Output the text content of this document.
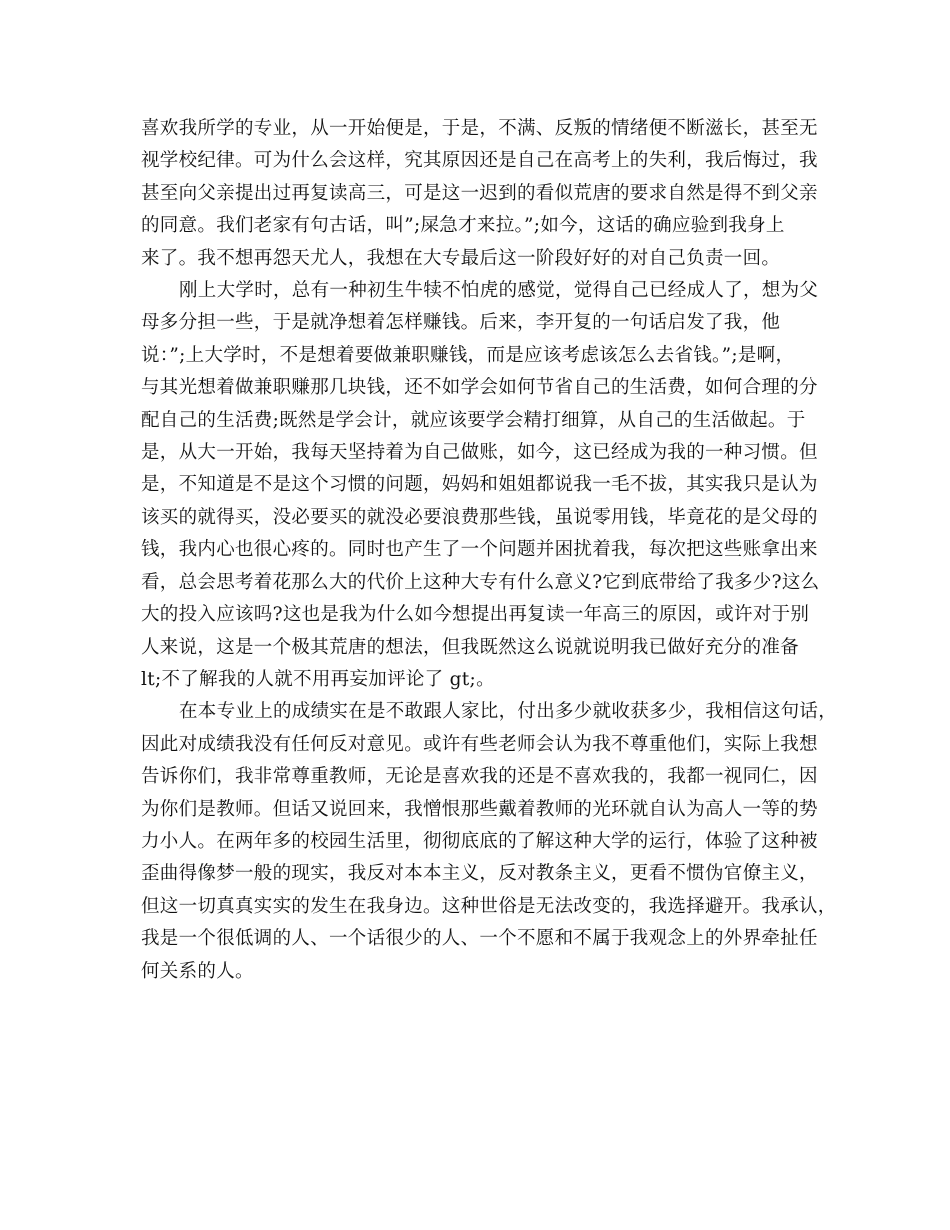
喜欢我所学的专业，从一开始便是，于是，不满、反叛的情绪便不断滋长，甚至无
视学校纪律。可为什么会这样，究其原因还是自己在高考上的失利，我后悔过，我
甚至向父亲提出过再复读高三，可是这一迟到的看似荒唐的要求自然是得不到父亲
的同意。我们老家有句古话，叫”;屎急才来拉。”;如今，这话的确应验到我身上
来了。我不想再怨天尤人，我想在大专最后这一阶段好好的对自己负责一回。
刚上大学时，总有一种初生牛犊不怕虎的感觉，觉得自己已经成人了，想为父
母多分担一些，于是就净想着怎样赚钱。后来，李开复的一句话启发了我，他
说：”;上大学时，不是想着要做兼职赚钱，而是应该考虑该怎么去省钱。”;是啊，
与其光想着做兼职赚那几块钱，还不如学会如何节省自己的生活费，如何合理的分
配自己的生活费;既然是学会计，就应该要学会精打细算，从自己的生活做起。于
是，从大一开始，我每天坚持着为自己做账，如今，这已经成为我的一种习惯。但
是，不知道是不是这个习惯的问题，妈妈和姐姐都说我一毛不拔，其实我只是认为
该买的就得买，没必要买的就没必要浪费那些钱，虽说零用钱，毕竟花的是父母的
钱，我内心也很心疼的。同时也产生了一个问题并困扰着我，每次把这些账拿出来
看，总会思考着花那么大的代价上这种大专有什么意义?它到底带给了我多少?这么
大的投入应该吗?这也是我为什么如今想提出再复读一年高三的原因，或许对于别
人来说，这是一个极其荒唐的想法，但我既然这么说就说明我已做好充分的准备
lt;不了解我的人就不用再妄加评论了 gt;。
在本专业上的成绩实在是不敢跟人家比，付出多少就收获多少，我相信这句话，
因此对成绩我没有任何反对意见。或许有些老师会认为我不尊重他们，实际上我想
告诉你们，我非常尊重教师，无论是喜欢我的还是不喜欢我的，我都一视同仁，因
为你们是教师。但话又说回来，我憎恨那些戴着教师的光环就自认为高人一等的势
力小人。在两年多的校园生活里，彻彻底底的了解这种大学的运行，体验了这种被
歪曲得像梦一般的现实，我反对本本主义，反对教条主义，更看不惯伪官僚主义，
但这一切真真实实的发生在我身边。这种世俗是无法改变的，我选择避开。我承认，
我是一个很低调的人、一个话很少的人、一个不愿和不属于我观念上的外界牵扯任
何关系的人。
